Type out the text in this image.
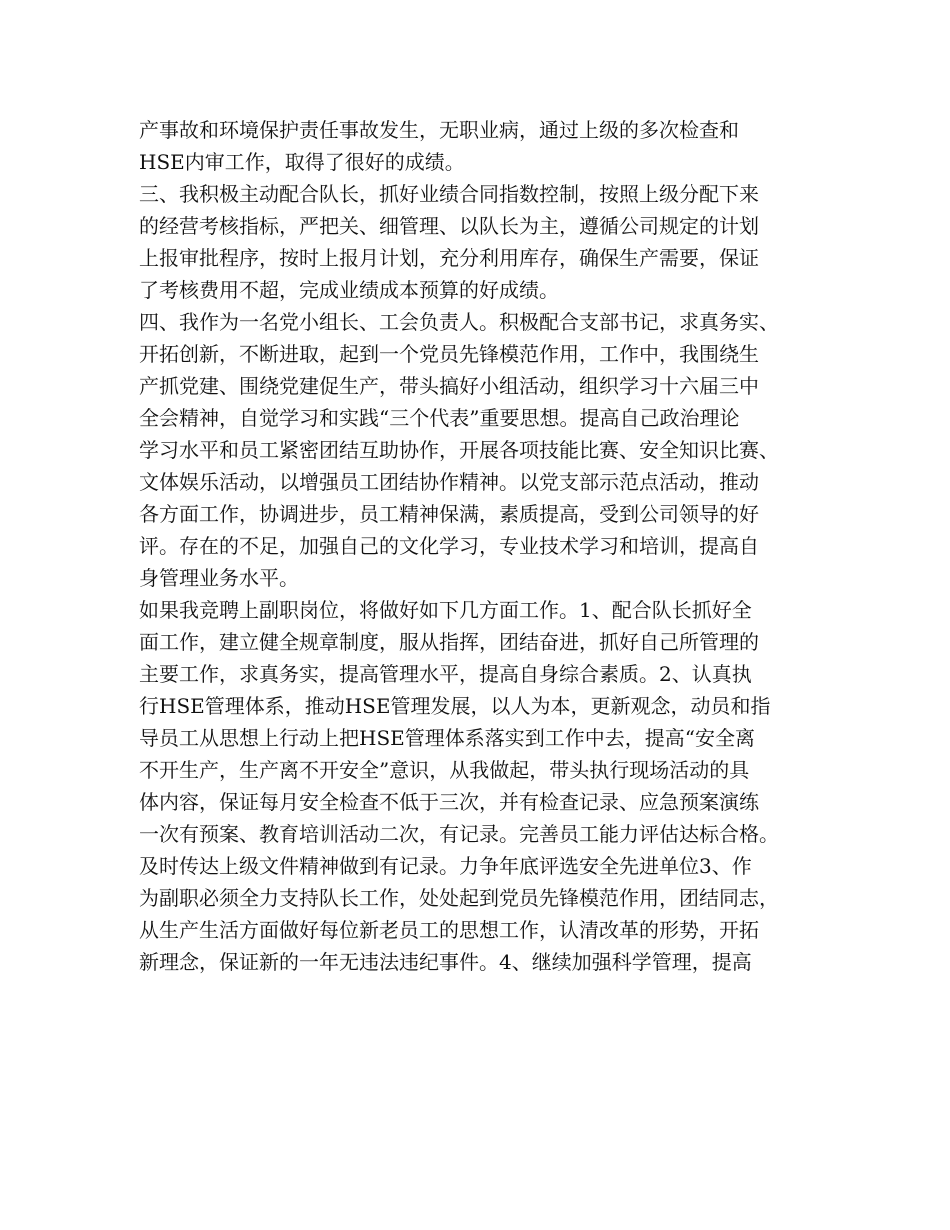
产事故和环境保护责任事故发生，无职业病，通过上级的多次检查和
HSE内审工作，取得了很好的成绩。
三、我积极主动配合队长，抓好业绩合同指数控制，按照上级分配下来
的经营考核指标，严把关、细管理、以队长为主，遵循公司规定的计划
上报审批程序，按时上报月计划，充分利用库存，确保生产需要，保证
了考核费用不超，完成业绩成本预算的好成绩。
四、我作为一名党小组长、工会负责人。积极配合支部书记，求真务实、
开拓创新，不断进取，起到一个党员先锋模范作用，工作中，我围绕生
产抓党建、围绕党建促生产，带头搞好小组活动，组织学习十六届三中
全会精神，自觉学习和实践“三个代表”重要思想。提高自己政治理论
学习水平和员工紧密团结互助协作，开展各项技能比赛、安全知识比赛、
文体娱乐活动，以增强员工团结协作精神。以党支部示范点活动，推动
各方面工作，协调进步，员工精神保满，素质提高，受到公司领导的好
评。存在的不足，加强自己的文化学习，专业技术学习和培训，提高自
身管理业务水平。
如果我竞聘上副职岗位，将做好如下几方面工作。1、配合队长抓好全
面工作，建立健全规章制度，服从指挥，团结奋进，抓好自己所管理的
主要工作，求真务实，提高管理水平，提高自身综合素质。2、认真执
行HSE管理体系，推动HSE管理发展，以人为本，更新观念，动员和指
导员工从思想上行动上把HSE管理体系落实到工作中去，提高“安全离
不开生产，生产离不开安全”意识，从我做起，带头执行现场活动的具
体内容，保证每月安全检查不低于三次，并有检查记录、应急预案演练
一次有预案、教育培训活动二次，有记录。完善员工能力评估达标合格。
及时传达上级文件精神做到有记录。力争年底评选安全先进单位3、作
为副职必须全力支持队长工作，处处起到党员先锋模范作用，团结同志，
从生产生活方面做好每位新老员工的思想工作，认清改革的形势，开拓
新理念，保证新的一年无违法违纪事件。4、继续加强科学管理，提高
